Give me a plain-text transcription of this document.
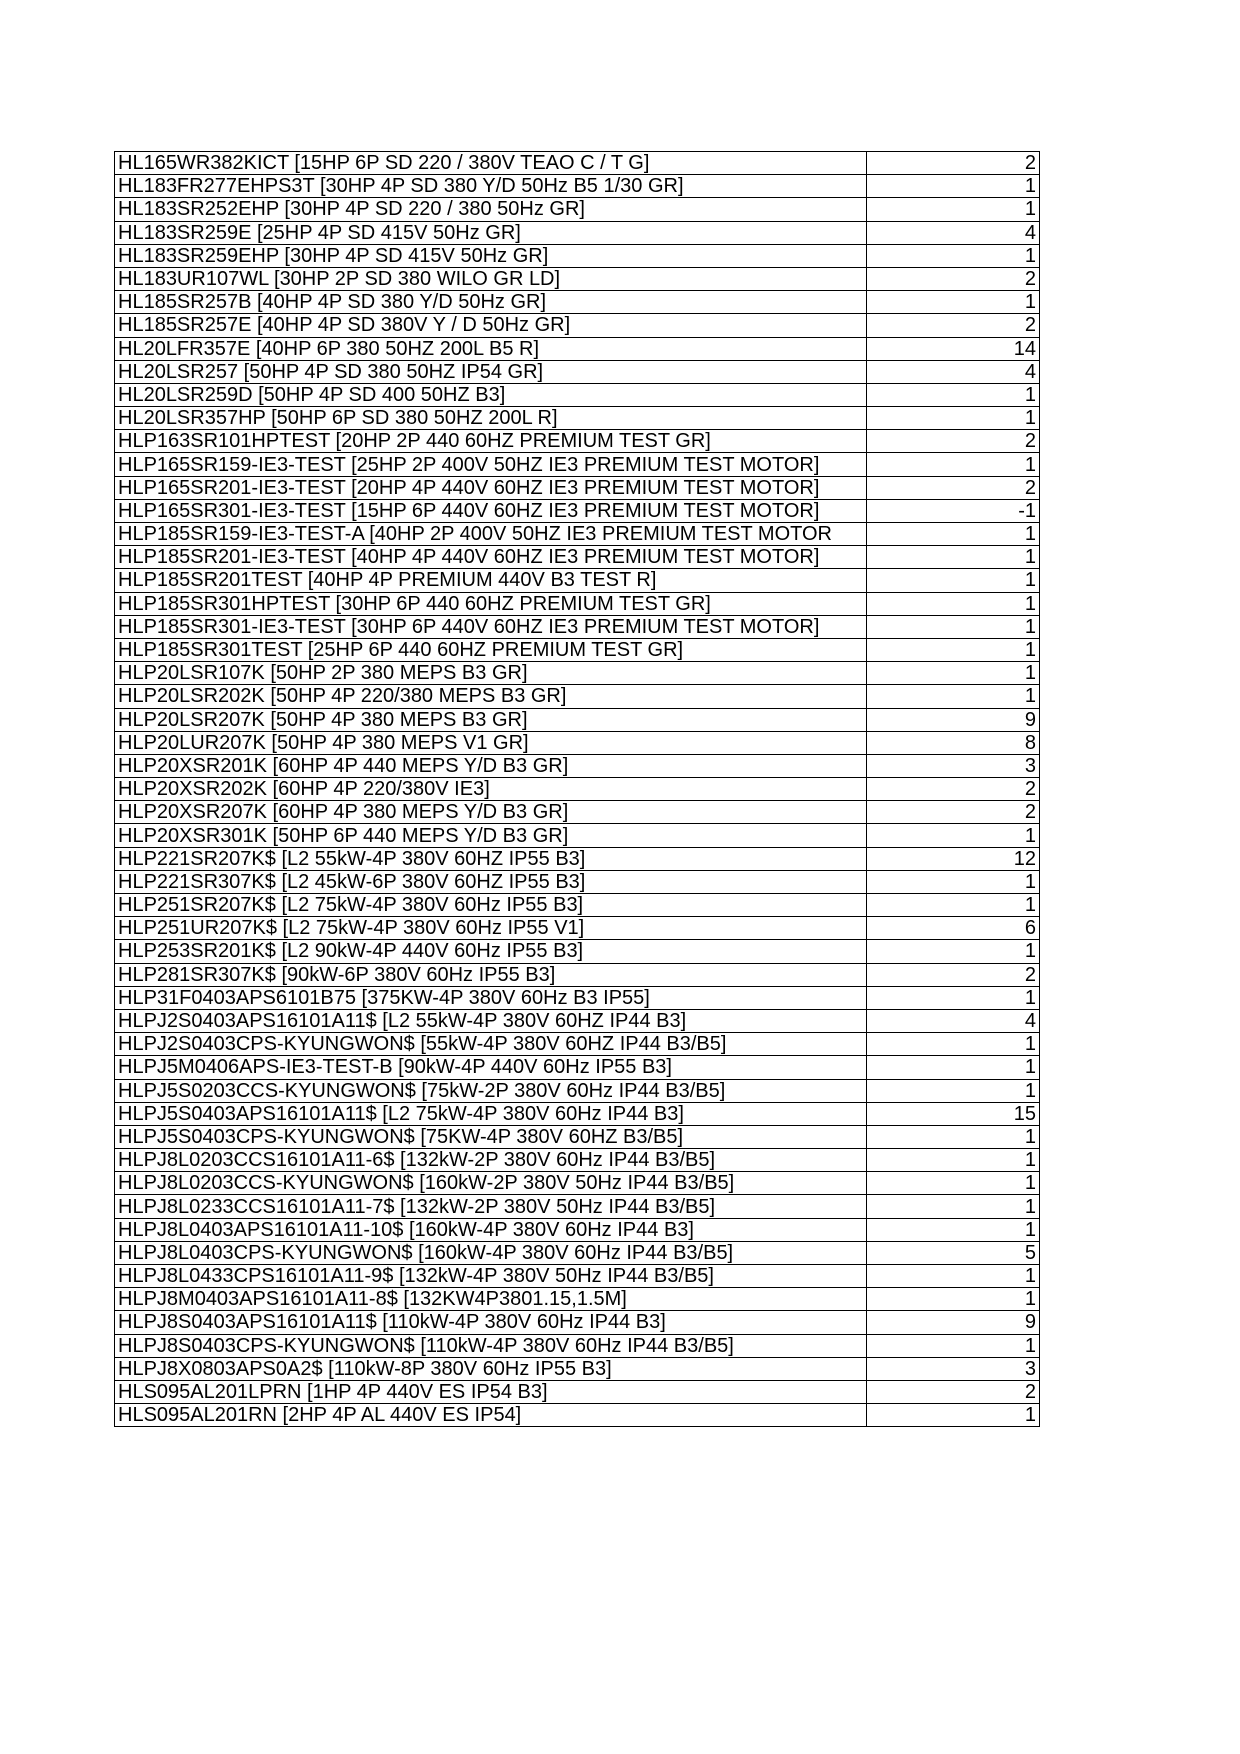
HL165WR382KICT [15HP 6P SD 220 / 380V TEAO C / T G]	2
HL183FR277EHPS3T [30HP 4P SD 380 Y/D 50Hz B5 1/30 GR]	1
HL183SR252EHP [30HP 4P SD 220 / 380 50Hz GR]	1
HL183SR259E [25HP 4P SD 415V 50Hz GR]	4
HL183SR259EHP [30HP 4P SD 415V 50Hz GR]	1
HL183UR107WL [30HP 2P SD 380 WILO GR LD]	2
HL185SR257B [40HP 4P SD 380 Y/D 50Hz GR]	1
HL185SR257E [40HP 4P SD 380V Y / D 50Hz GR]	2
HL20LFR357E [40HP 6P 380 50HZ 200L B5 R]	14
HL20LSR257 [50HP 4P SD 380 50HZ IP54 GR]	4
HL20LSR259D [50HP 4P SD 400 50HZ B3]	1
HL20LSR357HP [50HP 6P SD 380 50HZ 200L R]	1
HLP163SR101HPTEST [20HP 2P 440 60HZ PREMIUM TEST GR]	2
HLP165SR159-IE3-TEST [25HP 2P 400V 50HZ IE3 PREMIUM TEST MOTOR]	1
HLP165SR201-IE3-TEST [20HP 4P 440V 60HZ IE3 PREMIUM TEST MOTOR]	2
HLP165SR301-IE3-TEST [15HP 6P 440V 60HZ IE3 PREMIUM TEST MOTOR]	-1
HLP185SR159-IE3-TEST-A [40HP 2P 400V 50HZ IE3 PREMIUM TEST MOTOR	1
HLP185SR201-IE3-TEST [40HP 4P 440V 60HZ IE3 PREMIUM TEST MOTOR]	1
HLP185SR201TEST [40HP 4P PREMIUM 440V B3 TEST R]	1
HLP185SR301HPTEST [30HP 6P 440 60HZ PREMIUM TEST GR]	1
HLP185SR301-IE3-TEST [30HP 6P 440V 60HZ IE3 PREMIUM TEST MOTOR]	1
HLP185SR301TEST [25HP 6P 440 60HZ PREMIUM TEST GR]	1
HLP20LSR107K [50HP 2P 380 MEPS B3 GR]	1
HLP20LSR202K [50HP 4P 220/380 MEPS B3 GR]	1
HLP20LSR207K [50HP 4P 380 MEPS B3 GR]	9
HLP20LUR207K [50HP 4P 380 MEPS V1 GR]	8
HLP20XSR201K [60HP 4P 440 MEPS Y/D B3 GR]	3
HLP20XSR202K [60HP 4P 220/380V IE3]	2
HLP20XSR207K [60HP 4P 380 MEPS Y/D B3 GR]	2
HLP20XSR301K [50HP 6P 440 MEPS Y/D B3 GR]	1
HLP221SR207K$ [L2 55kW-4P 380V 60HZ IP55 B3]	12
HLP221SR307K$ [L2 45kW-6P 380V 60HZ IP55 B3]	1
HLP251SR207K$ [L2 75kW-4P 380V 60Hz IP55 B3]	1
HLP251UR207K$ [L2 75kW-4P 380V 60Hz IP55 V1]	6
HLP253SR201K$ [L2 90kW-4P 440V 60Hz IP55 B3]	1
HLP281SR307K$ [90kW-6P 380V 60Hz IP55 B3]	2
HLP31F0403APS6101B75 [375KW-4P 380V 60Hz B3 IP55]	1
HLPJ2S0403APS16101A11$ [L2 55kW-4P 380V 60HZ IP44 B3]	4
HLPJ2S0403CPS-KYUNGWON$ [55kW-4P 380V 60HZ IP44 B3/B5]	1
HLPJ5M0406APS-IE3-TEST-B [90kW-4P 440V 60Hz IP55 B3]	1
HLPJ5S0203CCS-KYUNGWON$ [75kW-2P 380V 60Hz IP44 B3/B5]	1
HLPJ5S0403APS16101A11$ [L2 75kW-4P 380V 60Hz IP44 B3]	15
HLPJ5S0403CPS-KYUNGWON$ [75KW-4P 380V 60HZ B3/B5]	1
HLPJ8L0203CCS16101A11-6$ [132kW-2P 380V 60Hz IP44 B3/B5]	1
HLPJ8L0203CCS-KYUNGWON$ [160kW-2P 380V 50Hz IP44 B3/B5]	1
HLPJ8L0233CCS16101A11-7$ [132kW-2P 380V 50Hz IP44 B3/B5]	1
HLPJ8L0403APS16101A11-10$ [160kW-4P 380V 60Hz IP44 B3]	1
HLPJ8L0403CPS-KYUNGWON$ [160kW-4P 380V 60Hz IP44 B3/B5]	5
HLPJ8L0433CPS16101A11-9$ [132kW-4P 380V 50Hz IP44 B3/B5]	1
HLPJ8M0403APS16101A11-8$ [132KW4P3801.15,1.5M]	1
HLPJ8S0403APS16101A11$ [110kW-4P 380V 60Hz IP44 B3]	9
HLPJ8S0403CPS-KYUNGWON$ [110kW-4P 380V 60Hz IP44 B3/B5]	1
HLPJ8X0803APS0A2$ [110kW-8P 380V 60Hz IP55 B3]	3
HLS095AL201LPRN [1HP 4P 440V ES IP54 B3]	2
HLS095AL201RN [2HP 4P AL 440V ES IP54]	1
